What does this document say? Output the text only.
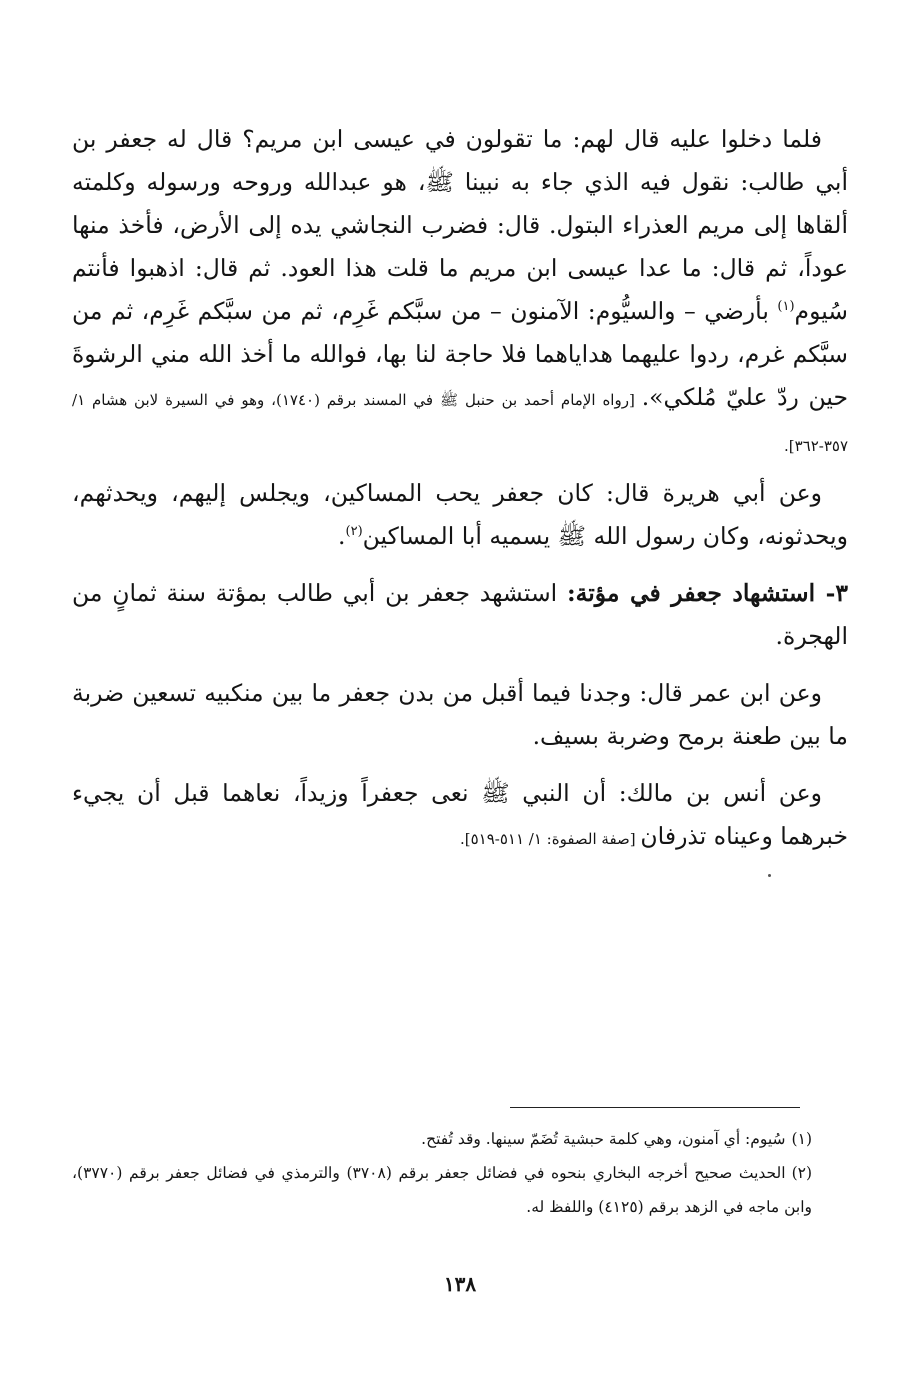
فلما دخلوا عليه قال لهم: ما تقولون في عيسى ابن مريم؟ قال له جعفر بن أبي طالب: نقول فيه الذي جاء به نبينا ﷺ، هو عبدالله وروحه ورسوله وكلمته ألقاها إلى مريم العذراء البتول. قال: فضرب النجاشي يده إلى الأرض، فأخذ منها عوداً، ثم قال: ما عدا عيسى ابن مريم ما قلت هذا العود. ثم قال: اذهبوا فأنتم سُيوم$^{(١)}$ بأرضي – والسيُّوم: الآمنون – من سبَّكم غَرِم، ثم من سبَّكم غَرِم، ثم من سبَّكم غرم، ردوا عليهما هداياهما فلا حاجة لنا بها، فوالله ما أخذ الله مني الرشوةَ حين ردّ عليّ مُلكي». [رواه الإمام أحمد بن حنبل ﷺ في المسند برقم (١٧٤٠)، وهو في السيرة لابن هشام ١/ ٣٥٧-٣٦٢].

وعن أبي هريرة قال: كان جعفر يحب المساكين، ويجلس إليهم، ويحدثهم، ويحدثونه، وكان رسول الله ﷺ يسميه أبا المساكين$^{(٢)}$.

٣- استشهاد جعفر في مؤتة: استشهد جعفر بن أبي طالب بمؤتة سنة ثمانٍ من الهجرة.

وعن ابن عمر قال: وجدنا فيما أقبل من بدن جعفر ما بين منكبيه تسعين ضربة ما بين طعنة برمح وضربة بسيف.

وعن أنس بن مالك: أن النبي ﷺ نعى جعفراً وزيداً، نعاهما قبل أن يجيء خبرهما وعيناه تذرفان [صفة الصفوة: ١/ ٥١١-٥١٩].

(١)سُيوم: أي آمنون، وهي كلمة حبشية تُضَمّ سينها. وقد تُفتح.

(٢)الحديث صحيح أخرجه البخاري بنحوه في فضائل جعفر برقم (٣٧٠٨) والترمذي في فضائل جعفر برقم (٣٧٧٠)، وابن ماجه في الزهد برقم (٤١٢٥) واللفظ له.

١٣٨
